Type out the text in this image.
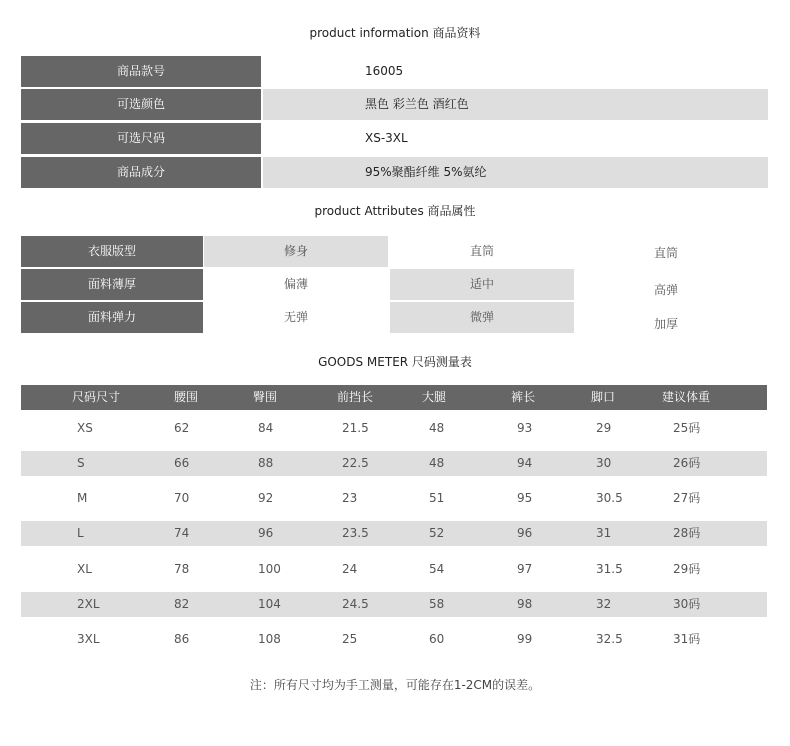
product information 商品资料
商品款号	16005
可选颜色	黑色 彩兰色 酒红色
可选尺码	XS-3XL
商品成分	95%聚酯纤维 5%氨纶
product Attributes 商品属性
衣服版型	修身	直筒	直筒
面料薄厚	偏薄	适中	高弹
面料弹力	无弹	微弹	加厚
GOODS METER 尺码测量表
尺码尺寸	腰围	臀围	前挡长	大腿	裤长	脚口	建议体重
XS	62	84	21.5	48	93	29	25码
S	66	88	22.5	48	94	30	26码
M	70	92	23	51	95	30.5	27码
L	74	96	23.5	52	96	31	28码
XL	78	100	24	54	97	31.5	29码
2XL	82	104	24.5	58	98	32	30码
3XL	86	108	25	60	99	32.5	31码
注：所有尺寸均为手工测量，可能存在1-2CM的误差。
